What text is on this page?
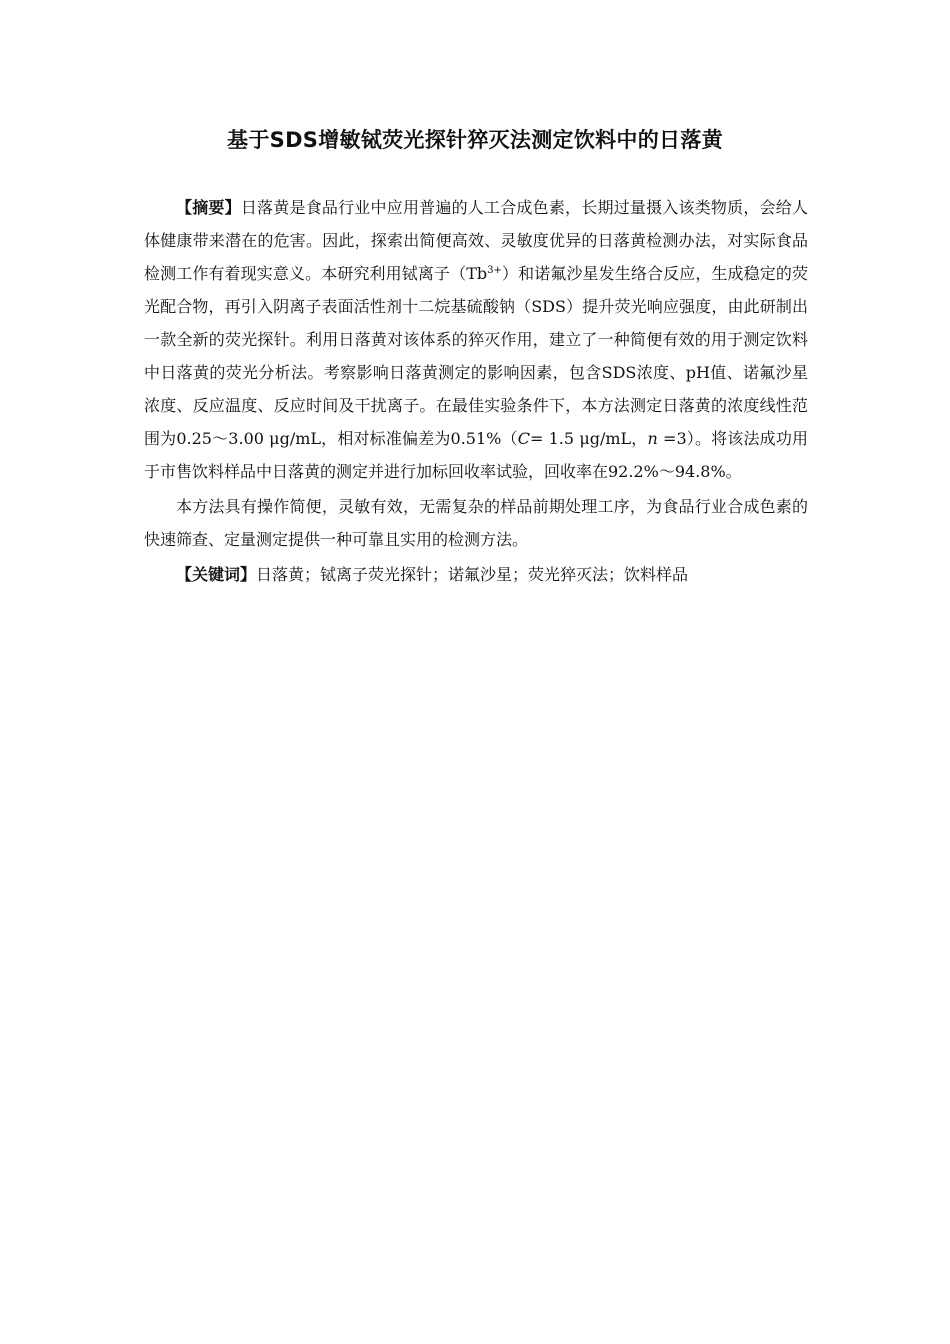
基于SDS增敏铽荧光探针猝灭法测定饮料中的日落黄

【摘要】日落黄是食品行业中应用普遍的人工合成色素，长期过量摄入该类物质，会给人体健康带来潜在的危害。因此，探索出简便高效、灵敏度优异的日落黄检测办法，对实际食品检测工作有着现实意义。本研究利用铽离子$(Tb^{3+})$和诺氟沙星发生络合反应，生成稳定的荧光配合物，再引入阴离子表面活性剂十二烷基硫酸钠（SDS）提升荧光响应强度，由此研制出一款全新的荧光探针。利用日落黄对该体系的猝灭作用，建立了一种简便有效的用于测定饮料中日落黄的荧光分析法。考察影响日落黄测定的影响因素，包含SDS浓度、pH值、诺氟沙星浓度、反应温度、反应时间及干扰离子。在最佳实验条件下，本方法测定日落黄的浓度线性范围为0.25～3.00 μg/mL，相对标准偏差为0.51%（C= 1.5 μg/mL，n =3）。将该法成功用于市售饮料样品中日落黄的测定并进行加标回收率试验，回收率在92.2%～94.8%。

本方法具有操作简便，灵敏有效，无需复杂的样品前期处理工序，为食品行业合成色素的快速筛查、定量测定提供一种可靠且实用的检测方法。

【关键词】日落黄；铽离子荧光探针；诺氟沙星；荧光猝灭法；饮料样品
